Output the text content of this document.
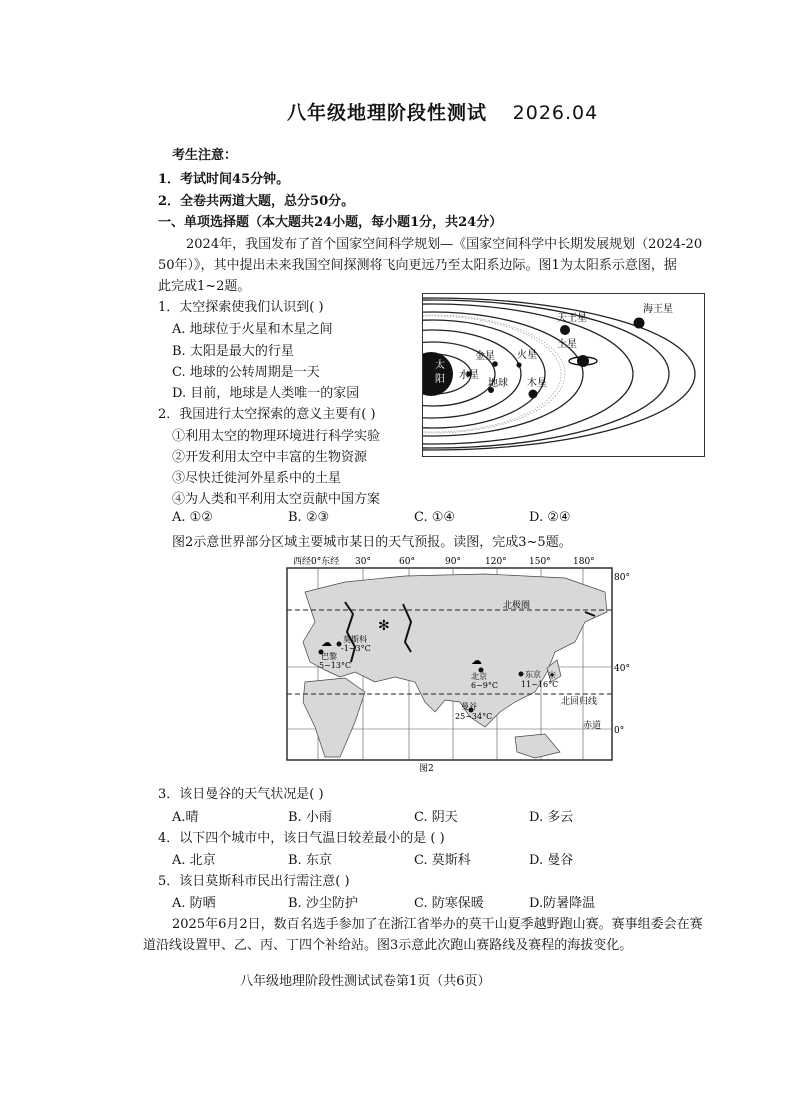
八年级地理阶段性测试 2026.04
考生注意：
1．考试时间45分钟。
2．全卷共两道大题，总分50分。
一、单项选择题（本大题共24小题，每小题1分，共24分）
2024年，我国发布了首个国家空间科学规划—《国家空间科学中长期发展规划（2024-20
50年）》，其中提出未来我国空间探测将飞向更远乃至太阳系边际。图1为太阳系示意图，据
此完成1~2题。
1．太空探索使我们认识到( )
A. 地球位于火星和木星之间
B. 太阳是最大的行星
C. 地球的公转周期是一天
D. 目前，地球是人类唯一的家园
2．我国进行太空探索的意义主要有( )
①利用太空的物理环境进行科学实验
②开发利用太空中丰富的生物资源
③尽快迁徙河外星系中的土星
④为人类和平利用太空贡献中国方案
A. ①②	B. ②③	C. ①④	D. ②④
太
阳 水星
金星
地球
火星
木星
土星
天王星
海王星
图2示意世界部分区域主要城市某日的天气预报。读图，完成3~5题。
西经0°东经 30°	60°	90°	120° 150° 180°
80°
40°
0°
北极圈
北回归线
赤道
✻
莫斯科
-1~3°C
☁
巴黎
5~13°C	☁
北京
6~9°C
东京 ☀
11~16°C
曼谷
25~34°C
图2
3．该日曼谷的天气状况是( )
A.晴	B. 小雨	C. 阴天	D. 多云
4．以下四个城市中，该日气温日较差最小的是 ( )
A. 北京	B. 东京	C. 莫斯科	D. 曼谷
5．该日莫斯科市民出行需注意( )
A. 防晒	B. 沙尘防护	C. 防寒保暖	D.防暑降温
2025年6月2日，数百名选手参加了在浙江省举办的莫干山夏季越野跑山赛。赛事组委会在赛
道沿线设置甲、乙、丙、丁四个补给站。图3示意此次跑山赛路线及赛程的海拔变化。
八年级地理阶段性测试试卷第1页（共6页）
